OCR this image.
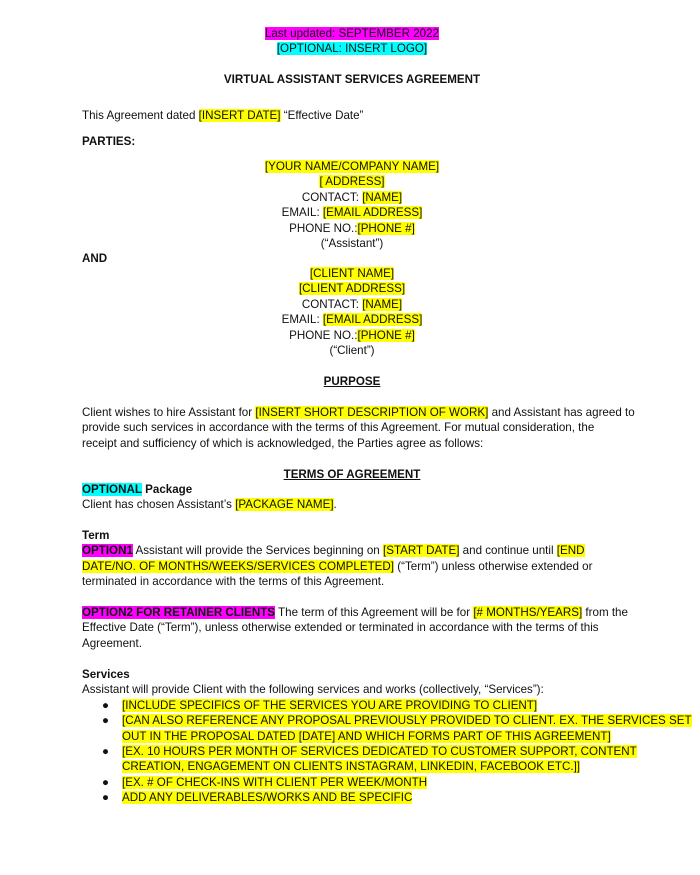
Last updated: SEPTEMBER 2022
[OPTIONAL: INSERT LOGO]
VIRTUAL ASSISTANT SERVICES AGREEMENT
This Agreement dated [INSERT DATE] “Effective Date”
PARTIES:
[YOUR NAME/COMPANY NAME]
[ ADDRESS]
CONTACT: [NAME]
EMAIL: [EMAIL ADDRESS]
PHONE NO.:[PHONE #]
(“Assistant”)
AND
[CLIENT NAME]
[CLIENT ADDRESS]
CONTACT: [NAME]
EMAIL: [EMAIL ADDRESS]
PHONE NO.:[PHONE #]
(“Client”)
PURPOSE
Client wishes to hire Assistant for [INSERT SHORT DESCRIPTION OF WORK] and Assistant has agreed to
provide such services in accordance with the terms of this Agreement. For mutual consideration, the
receipt and sufficiency of which is acknowledged, the Parties agree as follows:
TERMS OF AGREEMENT
OPTIONAL Package
Client has chosen Assistant’s [PACKAGE NAME].
Term
OPTION1 Assistant will provide the Services beginning on [START DATE] and continue until [END
DATE/NO. OF MONTHS/WEEKS/SERVICES COMPLETED] (“Term”) unless otherwise extended or
terminated in accordance with the terms of this Agreement.
OPTION2 FOR RETAINER CLIENTS The term of this Agreement will be for [# MONTHS/YEARS] from the
Effective Date (“Term”), unless otherwise extended or terminated in accordance with the terms of this
Agreement.
Services
Assistant will provide Client with the following services and works (collectively, “Services”):
● [INCLUDE SPECIFICS OF THE SERVICES YOU ARE PROVIDING TO CLIENT]
● [CAN ALSO REFERENCE ANY PROPOSAL PREVIOUSLY PROVIDED TO CLIENT. EX. THE SERVICES SET
OUT IN THE PROPOSAL DATED [DATE] AND WHICH FORMS PART OF THIS AGREEMENT]
● [EX. 10 HOURS PER MONTH OF SERVICES DEDICATED TO CUSTOMER SUPPORT, CONTENT
CREATION, ENGAGEMENT ON CLIENTS INSTAGRAM, LINKEDIN, FACEBOOK ETC.]]
● [EX. # OF CHECK-INS WITH CLIENT PER WEEK/MONTH
● ADD ANY DELIVERABLES/WORKS AND BE SPECIFIC
